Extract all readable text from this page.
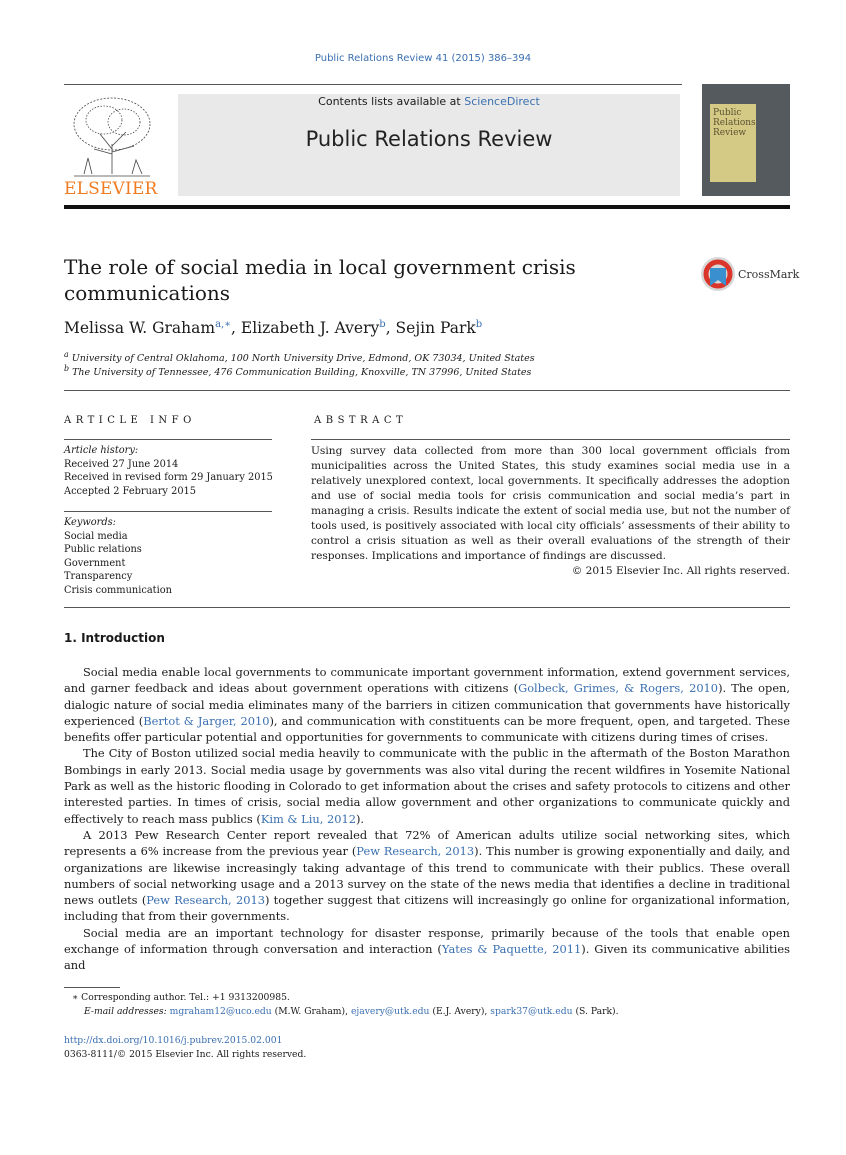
Public Relations Review 41 (2015) 386–394
ELSEVIER
Contents lists available at ScienceDirect
Public Relations Review
Public
Relations
Review
The role of social media in local government crisis
communications
CrossMark
Melissa W. Graham$^{a,∗}$, Elizabeth J. Avery$^b$, Sejin Park$^b$
$^a$ University of Central Oklahoma, 100 North University Drive, Edmond, OK 73034, United States
$^b$ The University of Tennessee, 476 Communication Building, Knoxville, TN 37996, United States
ARTICLE INFO
Article history:
Received 27 June 2014
Received in revised form 29 January 2015
Accepted 2 February 2015
Keywords:
Social media
Public relations
Government
Transparency
Crisis communication
ABSTRACT
Using survey data collected from more than 300 local government officials from municipalities across the United States, this study examines social media use in a relatively unexplored context, local governments. It specifically addresses the adoption and use of social media tools for crisis communication and social media’s part in managing a crisis. Results indicate the extent of social media use, but not the number of tools used, is positively associated with local city officials’ assessments of their ability to control a crisis situation as well as their overall evaluations of the strength of their responses. Implications and importance of findings are discussed.
© 2015 Elsevier Inc. All rights reserved.
1. Introduction

Social media enable local governments to communicate important government information, extend government services, and garner feedback and ideas about government operations with citizens (Golbeck, Grimes, & Rogers, 2010). The open, dialogic nature of social media eliminates many of the barriers in citizen communication that governments have historically experienced (Bertot & Jarger, 2010), and communication with constituents can be more frequent, open, and targeted. These benefits offer particular potential and opportunities for governments to communicate with citizens during times of crises.

The City of Boston utilized social media heavily to communicate with the public in the aftermath of the Boston Marathon Bombings in early 2013. Social media usage by governments was also vital during the recent wildfires in Yosemite National Park as well as the historic flooding in Colorado to get information about the crises and safety protocols to citizens and other interested parties. In times of crisis, social media allow government and other organizations to communicate quickly and effectively to reach mass publics (Kim & Liu, 2012).

A 2013 Pew Research Center report revealed that 72% of American adults utilize social networking sites, which represents a 6% increase from the previous year (Pew Research, 2013). This number is growing exponentially and daily, and organizations are likewise increasingly taking advantage of this trend to communicate with their publics. These overall numbers of social networking usage and a 2013 survey on the state of the news media that identifies a decline in traditional news outlets (Pew Research, 2013) together suggest that citizens will increasingly go online for organizational information, including that from their governments.

Social media are an important technology for disaster response, primarily because of the tools that enable open exchange of information through conversation and interaction (Yates & Paquette, 2011). Given its communicative abilities and

∗ Corresponding author. Tel.: +1 9313200985.
E-mail addresses: mgraham12@uco.edu (M.W. Graham), ejavery@utk.edu (E.J. Avery), spark37@utk.edu (S. Park).
http://dx.doi.org/10.1016/j.pubrev.2015.02.001
0363-8111/© 2015 Elsevier Inc. All rights reserved.
